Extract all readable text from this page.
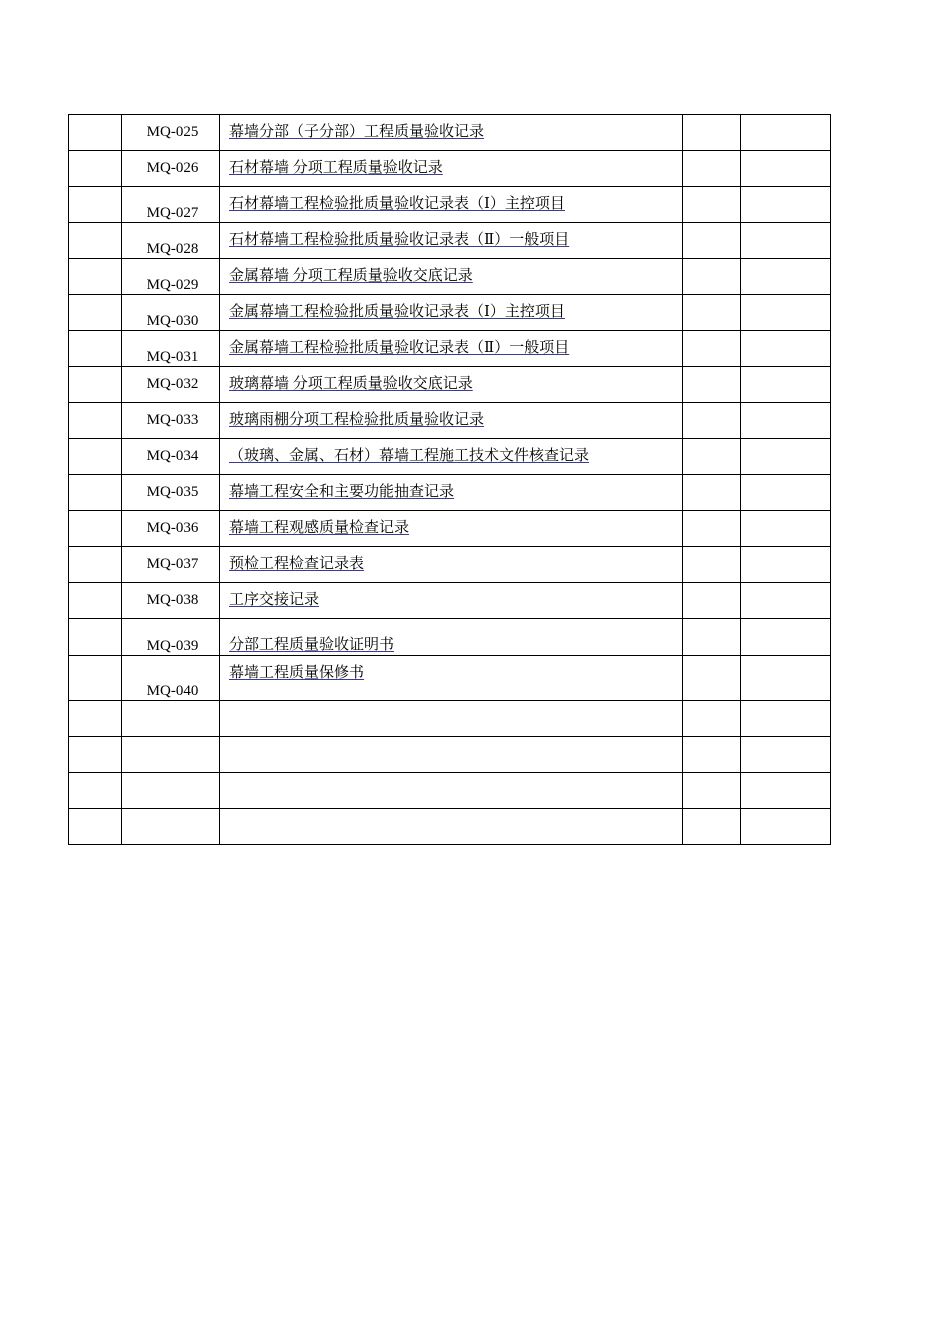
	MQ-025	幕墙分部（子分部）工程质量验收记录		
	MQ-026	石材幕墙 分项工程质量验收记录		
	MQ-027	石材幕墙工程检验批质量验收记录表（Ⅰ）主控项目		
	MQ-028	石材幕墙工程检验批质量验收记录表（Ⅱ）一般项目		
	MQ-029	金属幕墙 分项工程质量验收交底记录		
	MQ-030	金属幕墙工程检验批质量验收记录表（Ⅰ）主控项目		
	MQ-031	金属幕墙工程检验批质量验收记录表（Ⅱ）一般项目		
	MQ-032	玻璃幕墙 分项工程质量验收交底记录		
	MQ-033	玻璃雨棚分项工程检验批质量验收记录		
	MQ-034	（玻璃、金属、石材）幕墙工程施工技术文件核查记录		
	MQ-035	幕墙工程安全和主要功能抽查记录		
	MQ-036	幕墙工程观感质量检查记录		
	MQ-037	预检工程检查记录表		
	MQ-038	工序交接记录		
	MQ-039	分部工程质量验收证明书		
	MQ-040	幕墙工程质量保修书		
